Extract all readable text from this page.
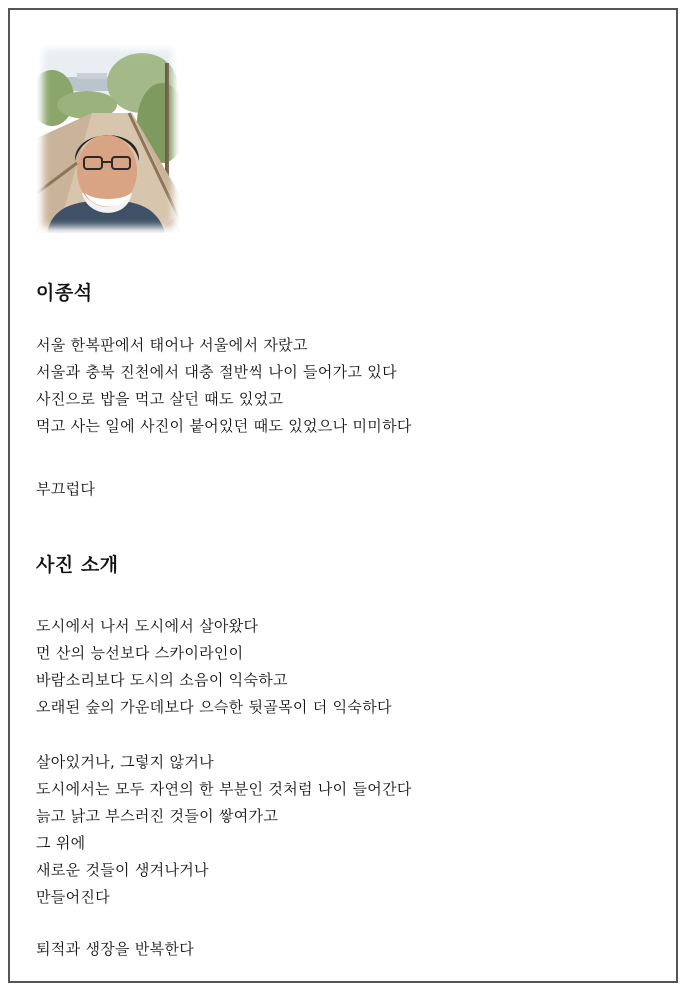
이종석
서울 한복판에서 태어나 서울에서 자랐고
서울과 충북 진천에서 대충 절반씩 나이 들어가고 있다
사진으로 밥을 먹고 살던 때도 있었고
먹고 사는 일에 사진이 붙어있던 때도 있었으나 미미하다
부끄럽다
사진 소개
도시에서 나서 도시에서 살아왔다
먼 산의 능선보다 스카이라인이
바람소리보다 도시의 소음이 익숙하고
오래된 숲의 가운데보다 으슥한 뒷골목이 더 익숙하다
살아있거나, 그렇지 않거나
도시에서는 모두 자연의 한 부분인 것처럼 나이 들어간다
늙고 낡고 부스러진 것들이 쌓여가고
그 위에
새로운 것들이 생겨나거나
만들어진다
퇴적과 생장을 반복한다
